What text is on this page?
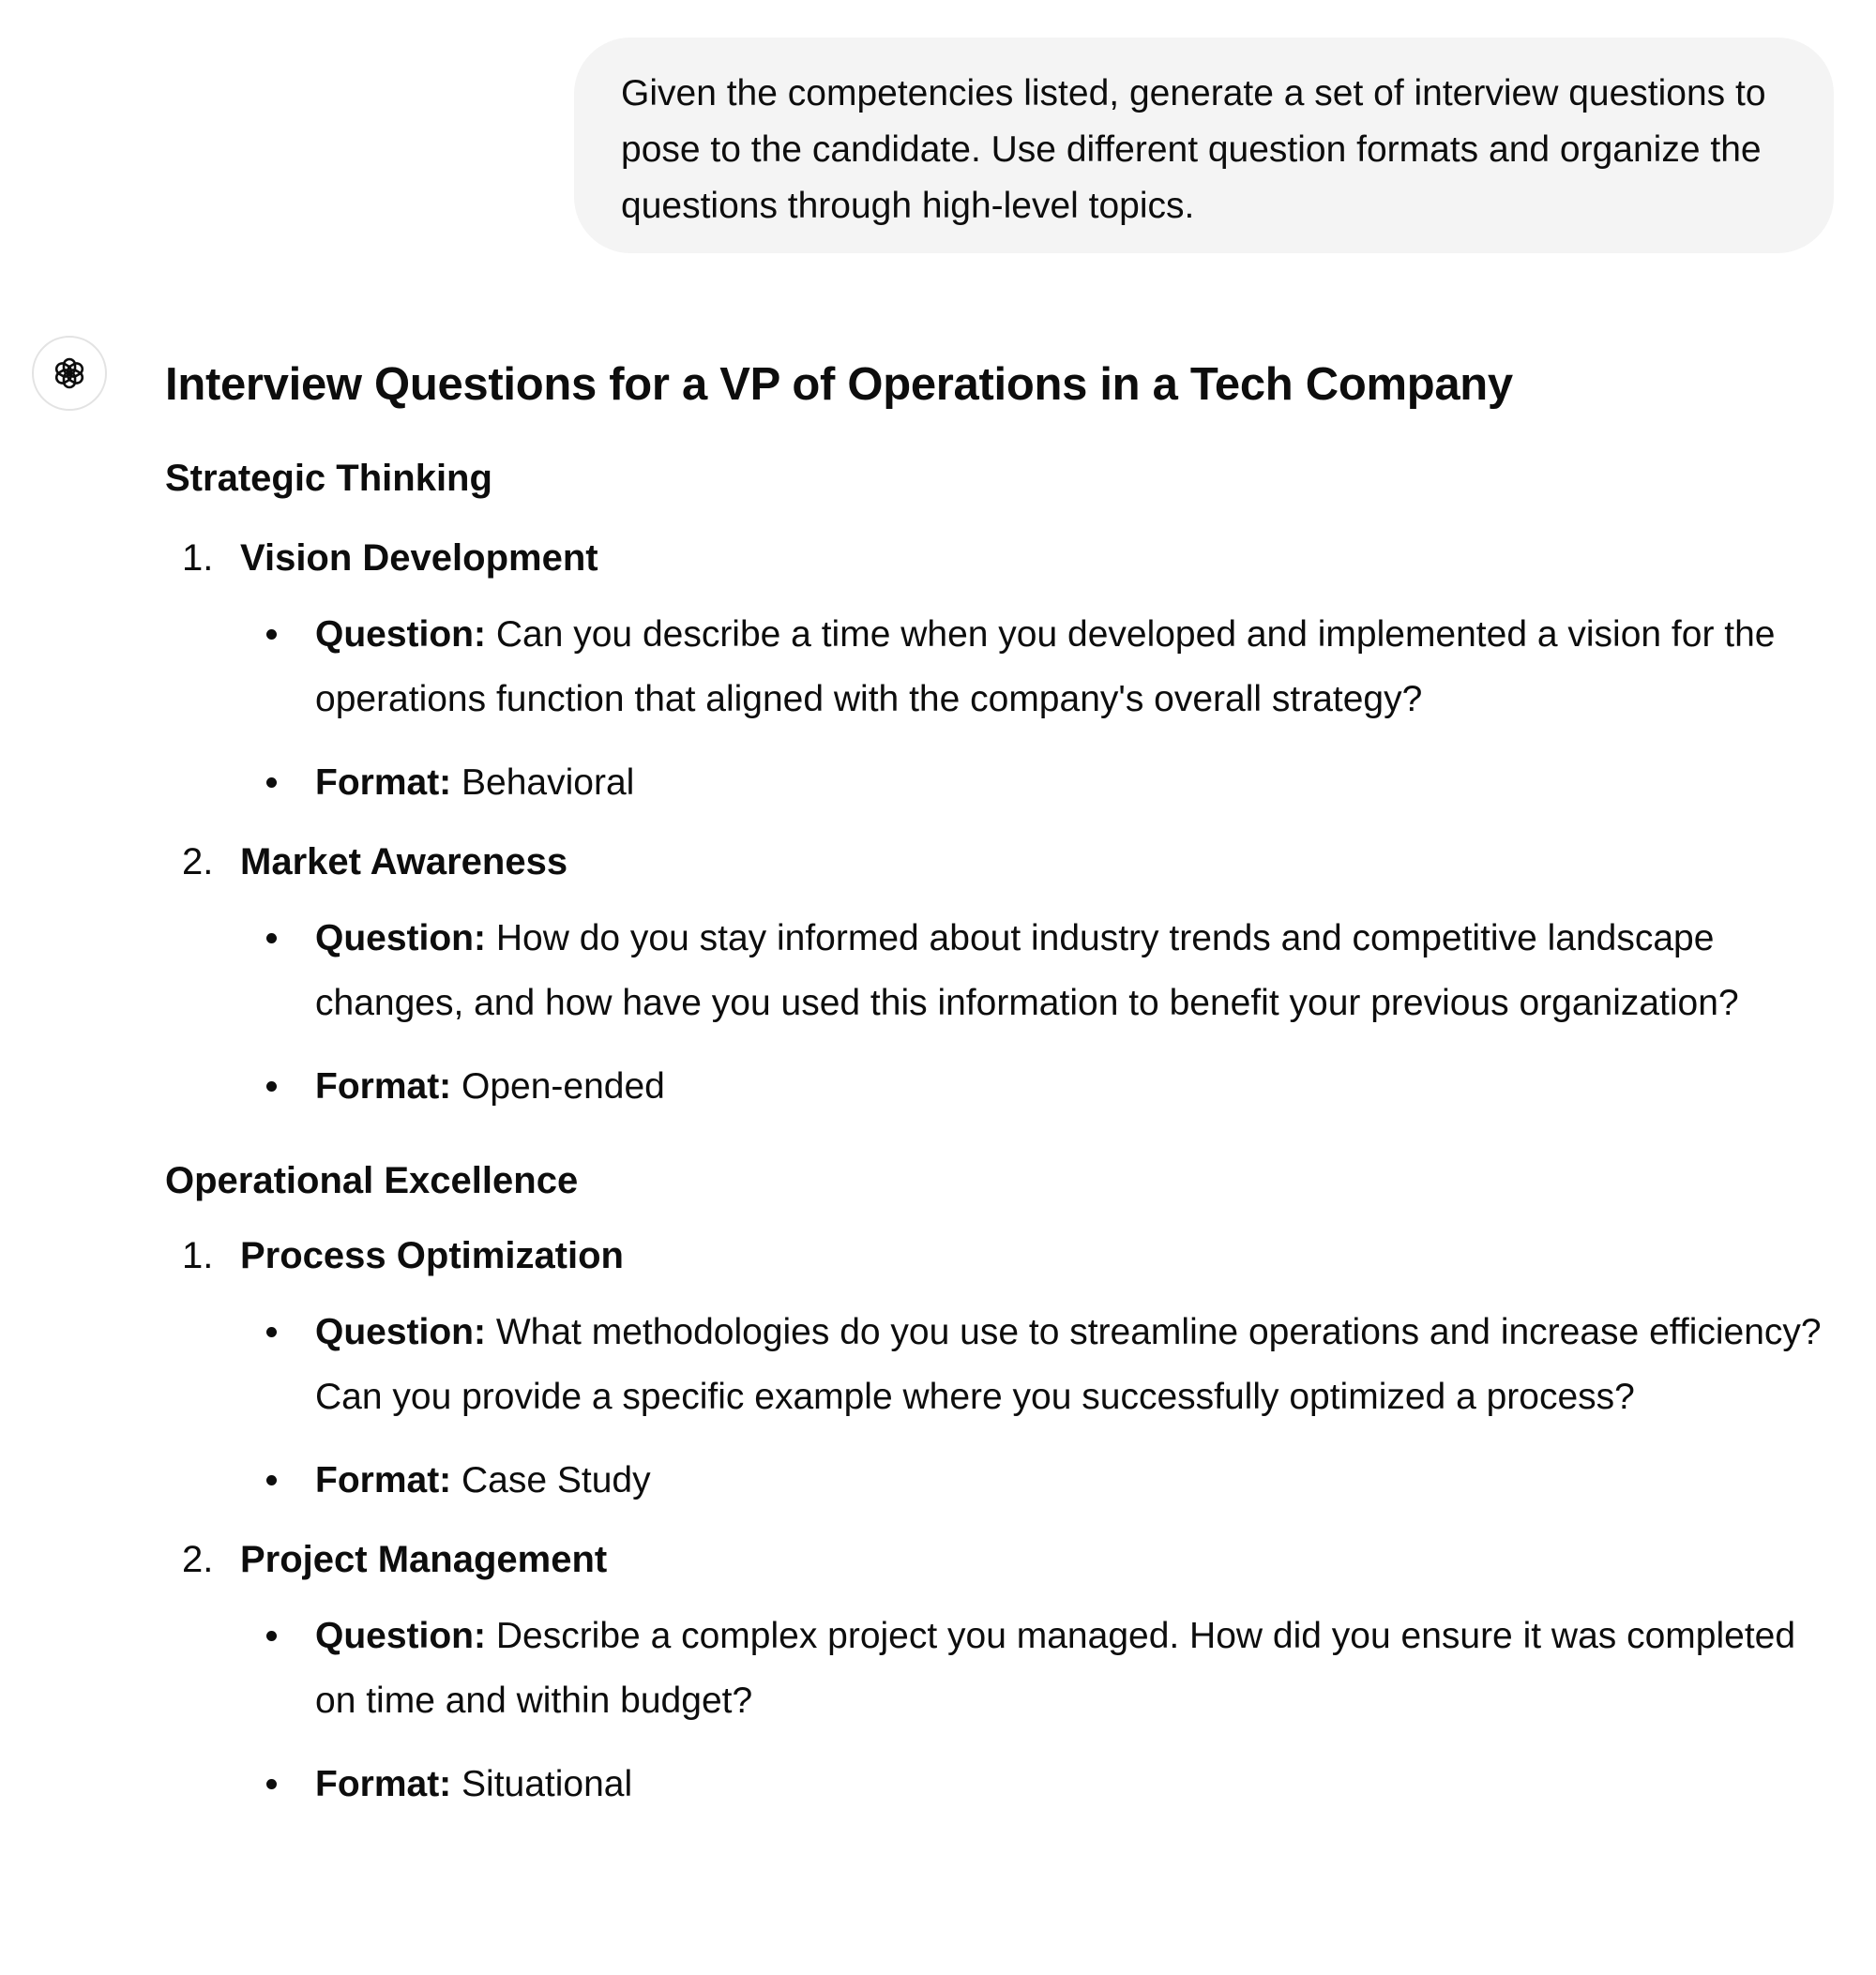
Given the competencies listed, generate a set of interview questions to pose to the candidate. Use different question formats and organize the questions through high-level topics.
Interview Questions for a VP of Operations in a Tech Company
Strategic Thinking
1. Vision Development
Question: Can you describe a time when you developed and implemented a vision for the operations function that aligned with the company's overall strategy?
Format: Behavioral
2. Market Awareness
Question: How do you stay informed about industry trends and competitive landscape changes, and how have you used this information to benefit your previous organization?
Format: Open-ended
Operational Excellence
1. Process Optimization
Question: What methodologies do you use to streamline operations and increase efficiency? Can you provide a specific example where you successfully optimized a process?
Format: Case Study
2. Project Management
Question: Describe a complex project you managed. How did you ensure it was completed on time and within budget?
Format: Situational
